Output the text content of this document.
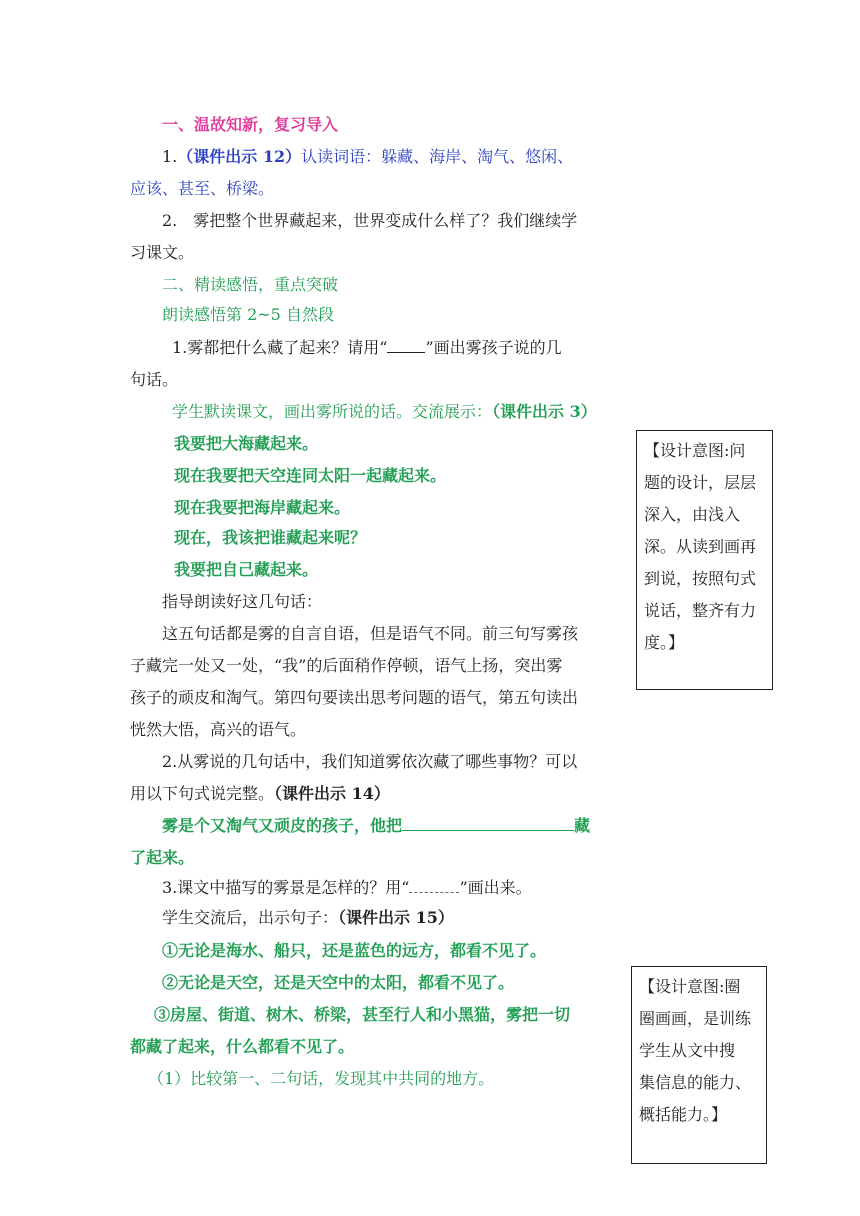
一、温故知新，复习导入
1.（课件出示 12）认读词语：躲藏、海岸、淘气、悠闲、
应该、甚至、桥梁。
2.　雾把整个世界藏起来，世界变成什么样了？我们继续学
习课文。
二、精读感悟，重点突破
朗读感悟第 2~5 自然段
1.雾都把什么藏了起来？请用“ ”画出雾孩子说的几
句话。
学生默读课文，画出雾所说的话。交流展示：（课件出示 3）
我要把大海藏起来。
现在我要把天空连同太阳一起藏起来。
现在我要把海岸藏起来。
现在，我该把谁藏起来呢？
我要把自己藏起来。
指导朗读好这几句话：
这五句话都是雾的自言自语，但是语气不同。前三句写雾孩
子藏完一处又一处，“我”的后面稍作停顿，语气上扬，突出雾
孩子的顽皮和淘气。第四句要读出思考问题的语气，第五句读出
恍然大悟，高兴的语气。
2.从雾说的几句话中，我们知道雾依次藏了哪些事物？可以
用以下句式说完整。（课件出示 14）
雾是个又淘气又顽皮的孩子，他把	藏
了起来。
3.课文中描写的雾景是怎样的？用“	”画出来。
学生交流后，出示句子：（课件出示 15）
①无论是海水、船只，还是蓝色的远方，都看不见了。
②无论是天空，还是天空中的太阳，都看不见了。
③房屋、街道、树木、桥梁，甚至行人和小黑猫，雾把一切
都藏了起来，什么都看不见了。
（1）比较第一、二句话，发现其中共同的地方。
【设计意图:问
题的设计，层层
深入，由浅入
深。从读到画再
到说，按照句式
说话，整齐有力
度。】
【设计意图:圈
圈画画，是训练
学生从文中搜
集信息的能力、
概括能力。】
